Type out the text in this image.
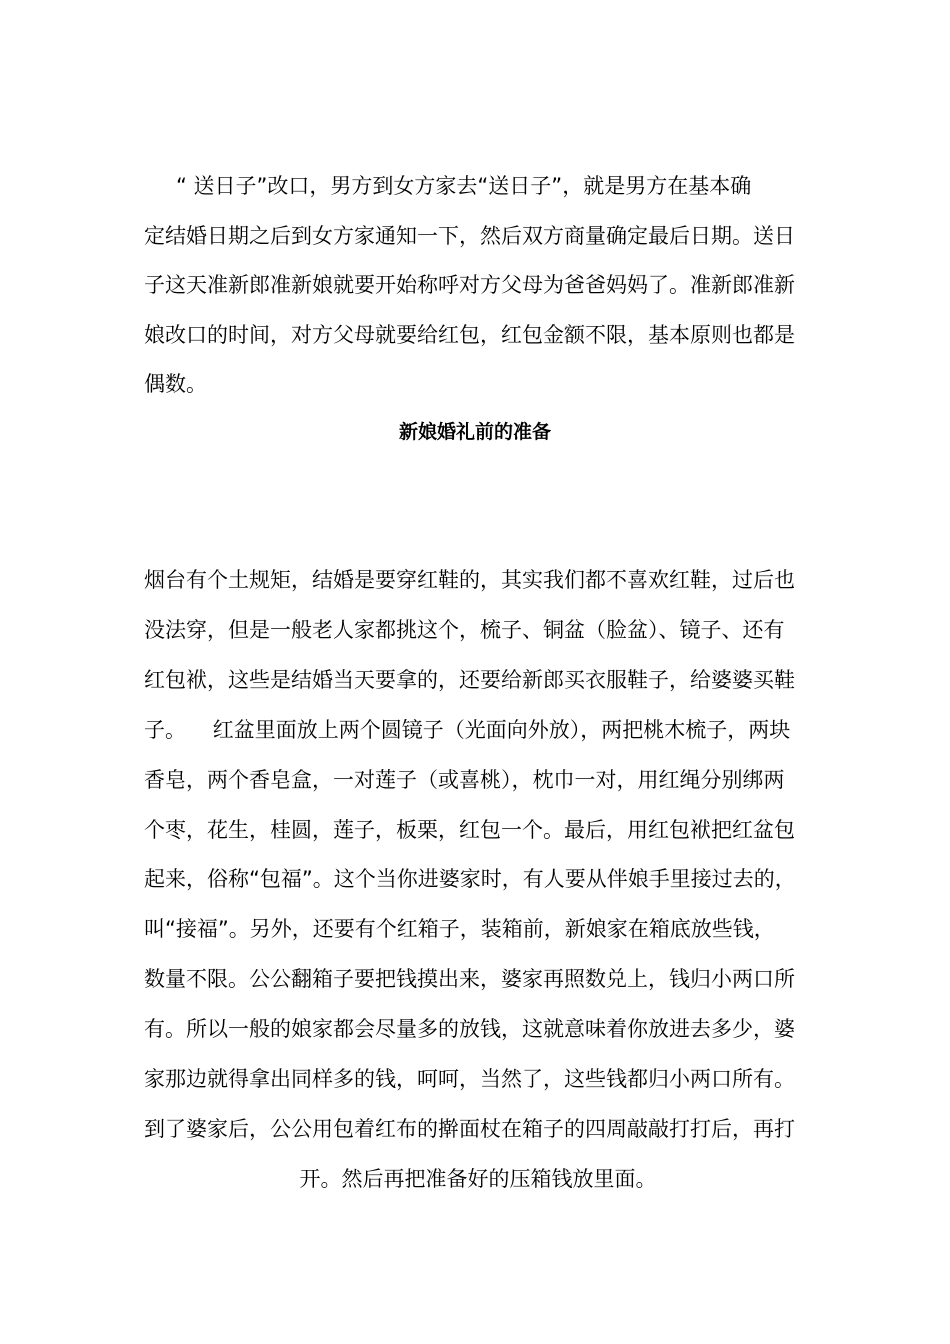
“ 送日子”改口，男方到女方家去“送日子”，就是男方在基本确
定结婚日期之后到女方家通知一下，然后双方商量确定最后日期。送日
子这天准新郎准新娘就要开始称呼对方父母为爸爸妈妈了。准新郎准新
娘改口的时间，对方父母就要给红包，红包金额不限，基本原则也都是
偶数。
新娘婚礼前的准备
烟台有个土规矩，结婚是要穿红鞋的，其实我们都不喜欢红鞋，过后也
没法穿，但是一般老人家都挑这个，梳子、铜盆（脸盆）、镜子、还有
红包袱，这些是结婚当天要拿的，还要给新郎买衣服鞋子，给婆婆买鞋
子。    红盆里面放上两个圆镜子（光面向外放），两把桃木梳子，两块
香皂，两个香皂盒，一对莲子（或喜桃），枕巾一对，用红绳分别绑两
个枣，花生，桂圆，莲子，板栗，红包一个。最后，用红包袱把红盆包
起来，俗称“包福”。这个当你进婆家时，有人要从伴娘手里接过去的，
叫“接福”。另外，还要有个红箱子，装箱前，新娘家在箱底放些钱，
数量不限。公公翻箱子要把钱摸出来，婆家再照数兑上，钱归小两口所
有。所以一般的娘家都会尽量多的放钱，这就意味着你放进去多少，婆
家那边就得拿出同样多的钱，呵呵，当然了，这些钱都归小两口所有。
到了婆家后，公公用包着红布的擀面杖在箱子的四周敲敲打打后，再打
开。然后再把准备好的压箱钱放里面。
